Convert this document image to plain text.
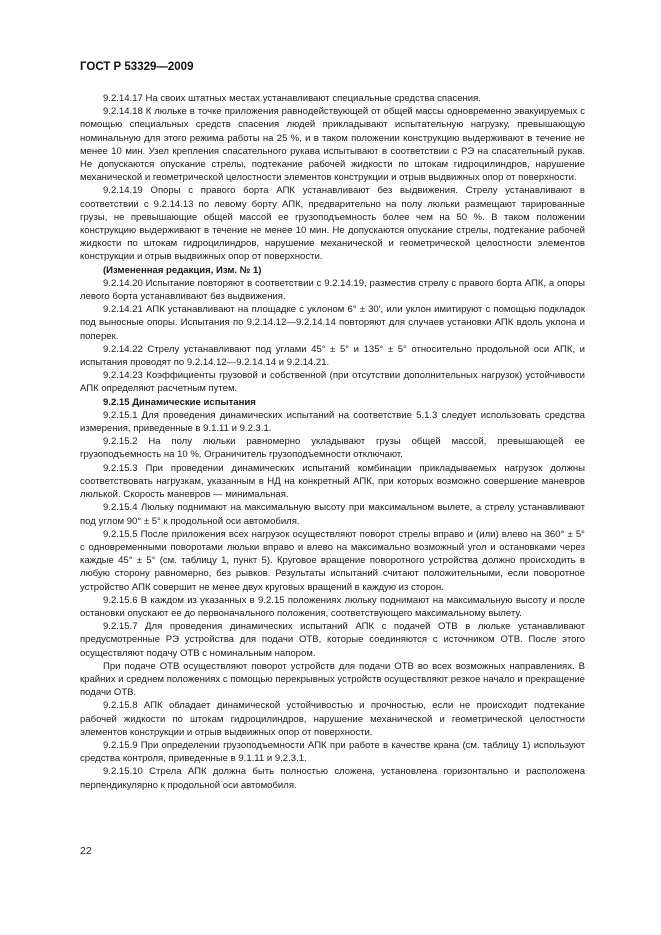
ГОСТ Р 53329—2009

9.2.14.17 На своих штатных местах устанавливают специальные средства спасения.

9.2.14.18 К люльке в точке приложения равнодействующей от общей массы одновременно эвакуируемых с помощью специальных средств спасения людей прикладывают испытательную нагрузку, превышающую номинальную для этого режима работы на 25 %, и в таком положении конструкцию выдерживают в течение не менее 10 мин. Узел крепления спасательного рукава испытывают в соответствии с РЭ на спасательный рукав. Не допускаются опускание стрелы, подтекание рабочей жидкости по штокам гидроцилиндров, нарушение механической и геометрической целостности элементов конструкции и отрыв выдвижных опор от поверхности.

9.2.14.19 Опоры с правого борта АПК устанавливают без выдвижения. Стрелу устанавливают в соответствии с 9.2.14.13 по левому борту АПК, предварительно на полу люльки размещают тарированные грузы, не превышающие общей массой ее грузоподъемность более чем на 50 %. В таком положении конструкцию выдерживают в течение не менее 10 мин. Не допускаются опускание стрелы, подтекание рабочей жидкости по штокам гидроцилиндров, нарушение механической и геометрической целостности элементов конструкции и отрыв выдвижных опор от поверхности.

(Измененная редакция, Изм. № 1)

9.2.14.20 Испытание повторяют в соответствии с 9.2.14.19, разместив стрелу с правого борта АПК, а опоры левого борта устанавливают без выдвижения.

9.2.14.21 АПК устанавливают на площадке с уклоном 6° ± 30′, или уклон имитируют с помощью подкладок под выносные опоры. Испытания по 9.2.14.12—9.2.14.14 повторяют для случаев установки АПК вдоль уклона и поперек.

9.2.14.22 Стрелу устанавливают под углами 45° ± 5° и 135° ± 5° относительно продольной оси АПК, и испытания проводят по 9.2.14.12—9.2.14.14 и 9.2.14.21.

9.2.14.23 Коэффициенты грузовой и собственной (при отсутствии дополнительных нагрузок) устойчивости АПК определяют расчетным путем.

9.2.15 Динамические испытания

9.2.15.1 Для проведения динамических испытаний на соответствие 5.1.3 следует использовать средства измерения, приведенные в 9.1.11 и 9.2.3.1.

9.2.15.2 На полу люльки равномерно укладывают грузы общей массой, превышающей ее грузоподъемность на 10 %. Ограничитель грузоподъемности отключают.

9.2.15.3 При проведении динамических испытаний комбинации прикладываемых нагрузок должны соответствовать нагрузкам, указанным в НД на конкретный АПК, при которых возможно совершение маневров люлькой. Скорость маневров — минимальная.

9.2.15.4 Люльку поднимают на максимальную высоту при максимальном вылете, а стрелу устанавливают под углом 90° ± 5° к продольной оси автомобиля.

9.2.15.5 После приложения всех нагрузок осуществляют поворот стрелы вправо и (или) влево на 360° ± 5° с одновременными поворотами люльки вправо и влево на максимально возможный угол и остановками через каждые 45° ± 5° (см. таблицу 1, пункт 5). Круговое вращение поворотного устройства должно происходить в любую сторону равномерно, без рывков. Результаты испытаний считают положительными, если поворотное устройство АПК совершит не менее двух круговых вращений в каждую из сторон.

9.2.15.6 В каждом из указанных в 9.2.15 положениях люльку поднимают на максимальную высоту и после остановки опускают ее до первоначального положения, соответствующего максимальному вылету.

9.2.15.7 Для проведения динамических испытаний АПК с подачей ОТВ в люльке устанавливают предусмотренные РЭ устройства для подачи ОТВ, которые соединяются с источником ОТВ. После этого осуществляют подачу ОТВ с номинальным напором.

При подаче ОТВ осуществляют поворот устройств для подачи ОТВ во всех возможных направлениях. В крайних и среднем положениях с помощью перекрывных устройств осуществляют резкое начало и прекращение подачи ОТВ.

9.2.15.8 АПК обладает динамической устойчивостью и прочностью, если не происходит подтекание рабочей жидкости по штокам гидроцилиндров, нарушение механической и геометрической целостности элементов конструкции и отрыв выдвижных опор от поверхности.

9.2.15.9 При определении грузоподъемности АПК при работе в качестве крана (см. таблицу 1) используют средства контроля, приведенные в 9.1.11 и 9.2.3.1.

9.2.15.10 Стрела АПК должна быть полностью сложена, установлена горизонтально и расположена перпендикулярно к продольной оси автомобиля.

22
